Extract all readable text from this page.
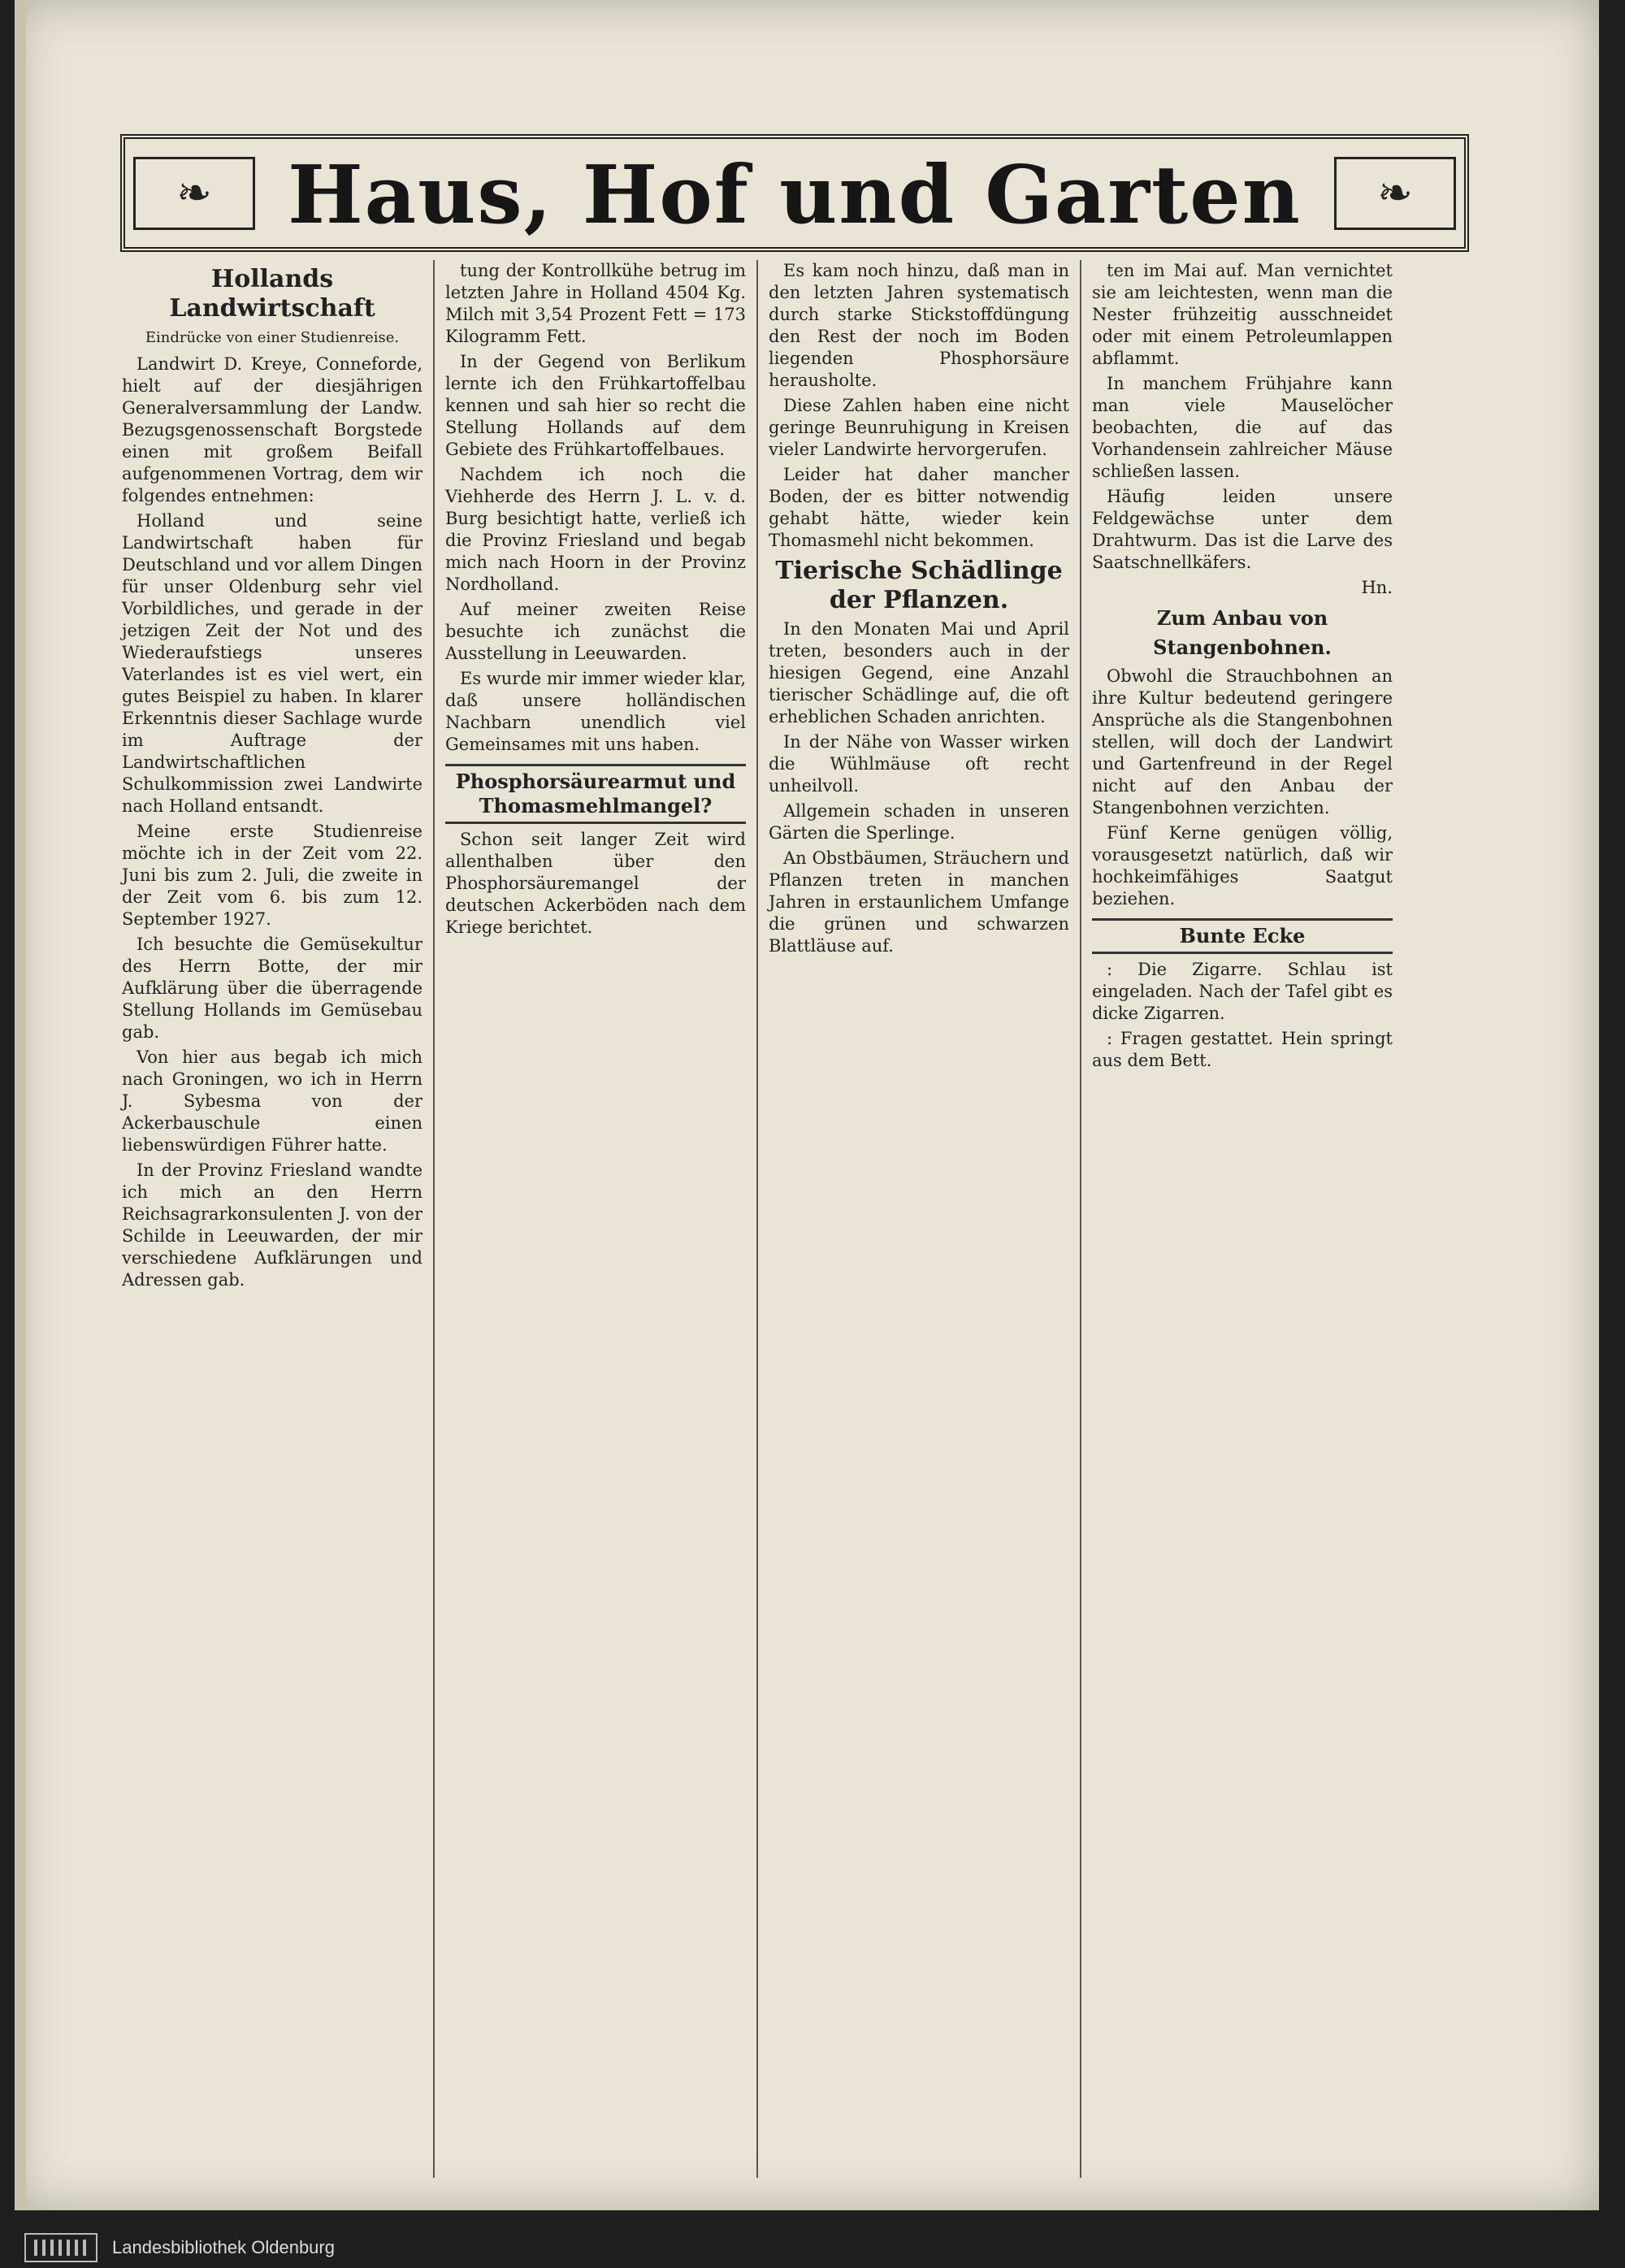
❧ Haus, Hof und Garten	❧
Hollands Landwirtschaft
Eindrücke von einer Studienreise.

Landwirt D. Kreye, Conneforde, hielt auf der diesjährigen Generalversammlung der Landw. Bezugsgenossenschaft Borgstede einen mit großem Beifall aufgenommenen Vortrag, dem wir folgendes entnehmen:

Holland und seine Landwirtschaft haben für Deutschland und vor allem Dingen für unser Oldenburg sehr viel Vorbildliches, und gerade in der jetzigen Zeit der Not und des Wiederaufstiegs unseres Vaterlandes ist es viel wert, ein gutes Beispiel zu haben. In klarer Erkenntnis dieser Sachlage wurde im Auftrage der Landwirtschaftlichen Schulkommission zwei Landwirte nach Holland entsandt.

Meine erste Studienreise möchte ich in der Zeit vom 22. Juni bis zum 2. Juli, die zweite in der Zeit vom 6. bis zum 12. September 1927.

Ich besuchte die Gemüsekultur des Herrn Botte, der mir Aufklärung über die überragende Stellung Hollands im Gemüsebau gab.

Von hier aus begab ich mich nach Groningen, wo ich in Herrn J. Sybesma von der Ackerbauschule einen liebenswürdigen Führer hatte.

In der Provinz Friesland wandte ich mich an den Herrn Reichsagrarkonsulenten J. von der Schilde in Leeuwarden, der mir verschiedene Aufklärungen und Adressen gab.

tung der Kontrollkühe betrug im letzten Jahre in Holland 4504 Kg. Milch mit 3,54 Prozent Fett = 173 Kilogramm Fett.

In der Gegend von Berlikum lernte ich den Frühkartoffelbau kennen und sah hier so recht die Stellung Hollands auf dem Gebiete des Frühkartoffelbaues.

Nachdem ich noch die Viehherde des Herrn J. L. v. d. Burg besichtigt hatte, verließ ich die Provinz Friesland und begab mich nach Hoorn in der Provinz Nordholland.

Auf meiner zweiten Reise besuchte ich zunächst die Ausstellung in Leeuwarden.

Es wurde mir immer wieder klar, daß unsere holländischen Nachbarn unendlich viel Gemeinsames mit uns haben.

Phosphorsäurearmut und Thomasmehlmangel?

Schon seit langer Zeit wird allenthalben über den Phosphorsäuremangel der deutschen Ackerböden nach dem Kriege berichtet.

Es kam noch hinzu, daß man in den letzten Jahren systematisch durch starke Stickstoffdüngung den Rest der noch im Boden liegenden Phosphorsäure herausholte.

Diese Zahlen haben eine nicht geringe Beunruhigung in Kreisen vieler Landwirte hervorgerufen.

Leider hat daher mancher Boden, der es bitter notwendig gehabt hätte, wieder kein Thomasmehl nicht bekommen.

Tierische Schädlinge der Pflanzen.

In den Monaten Mai und April treten, besonders auch in der hiesigen Gegend, eine Anzahl tierischer Schädlinge auf, die oft erheblichen Schaden anrichten.

In der Nähe von Wasser wirken die Wühlmäuse oft recht unheilvoll.

Allgemein schaden in unseren Gärten die Sperlinge.

An Obstbäumen, Sträuchern und Pflanzen treten in manchen Jahren in erstaunlichem Umfange die grünen und schwarzen Blattläuse auf.

ten im Mai auf. Man vernichtet sie am leichtesten, wenn man die Nester frühzeitig ausschneidet oder mit einem Petroleumlappen abflammt.

In manchem Frühjahre kann man viele Mauselöcher beobachten, die auf das Vorhandensein zahlreicher Mäuse schließen lassen.

Häufig leiden unsere Feldgewächse unter dem Drahtwurm. Das ist die Larve des Saatschnellkäfers.

Hn.

Zum Anbau von Stangenbohnen.

Obwohl die Strauchbohnen an ihre Kultur bedeutend geringere Ansprüche als die Stangenbohnen stellen, will doch der Landwirt und Gartenfreund in der Regel nicht auf den Anbau der Stangenbohnen verzichten.

Fünf Kerne genügen völlig, vorausgesetzt natürlich, daß wir hochkeimfähiges Saatgut beziehen.

Bunte Ecke

: Die Zigarre. Schlau ist eingeladen. Nach der Tafel gibt es dicke Zigarren.

: Fragen gestattet. Hein springt aus dem Bett.

Landesbibliothek Oldenburg
